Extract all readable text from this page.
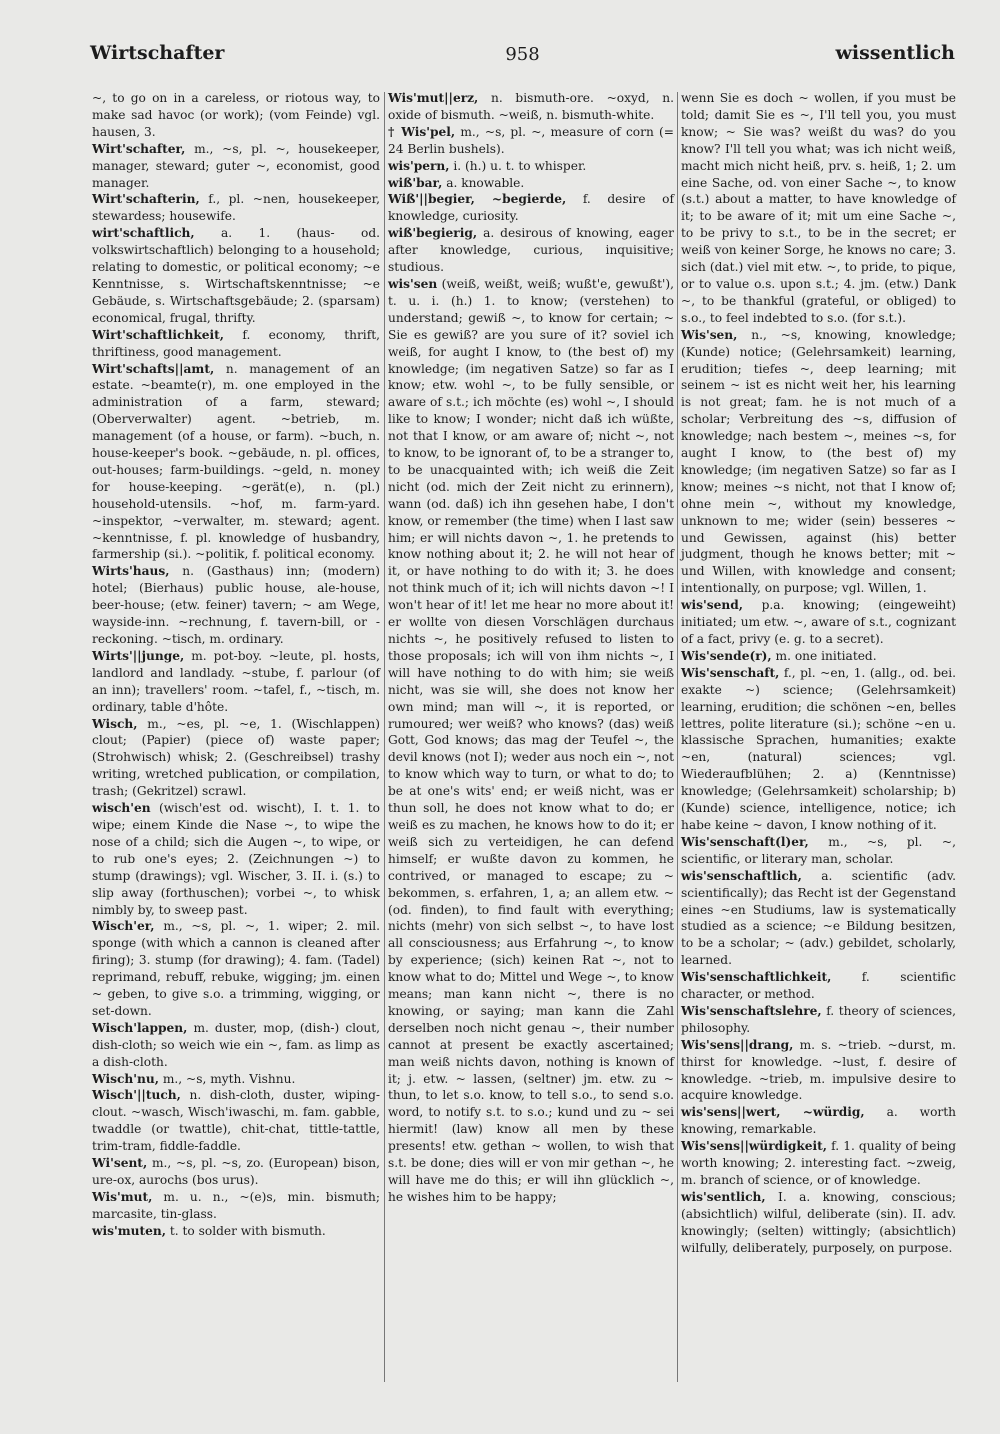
Wirtschafter	958	wissentlich

~, to go on in a careless, or riotous way, to make sad havoc (or work); (vom Feinde) vgl. hausen, 3.

Wirt'schafter, m., ~s, pl. ~, housekeeper, manager, steward; guter ~, economist, good manager.

Wirt'schafterin, f., pl. ~nen, housekeeper, stewardess; housewife.

wirt'schaftlich, a. 1. (haus- od. volkswirtschaftlich) belonging to a household; relating to domestic, or political economy; ~e Kenntnisse, s. Wirtschaftskenntnisse; ~e Gebäude, s. Wirtschaftsgebäude; 2. (sparsam) economical, frugal, thrifty.

Wirt'schaftlichkeit, f. economy, thrift, thriftiness, good management.

Wirt'schafts||amt, n. management of an estate. ~beamte(r), m. one employed in the administration of a farm, steward; (Oberverwalter) agent. ~betrieb, m. management (of a house, or farm). ~buch, n. house-keeper's book. ~gebäude, n. pl. offices, out-houses; farm-buildings. ~geld, n. money for house-keeping. ~gerät(e), n. (pl.) household-utensils. ~hof, m. farm-yard. ~inspektor, ~verwalter, m. steward; agent. ~kenntnisse, f. pl. knowledge of husbandry, farmership (si.). ~politik, f. political economy.

Wirts'haus, n. (Gasthaus) inn; (modern) hotel; (Bierhaus) public house, ale-house, beer-house; (etw. feiner) tavern; ~ am Wege, wayside-inn. ~rechnung, f. tavern-bill, or -reckoning. ~tisch, m. ordinary.

Wirts'||junge, m. pot-boy. ~leute, pl. hosts, landlord and landlady. ~stube, f. parlour (of an inn); travellers' room. ~tafel, f., ~tisch, m. ordinary, table d'hôte.

Wisch, m., ~es, pl. ~e, 1. (Wischlappen) clout; (Papier) (piece of) waste paper; (Strohwisch) whisk; 2. (Geschreibsel) trashy writing, wretched publication, or compilation, trash; (Gekritzel) scrawl.

wisch'en (wisch'est od. wischt), I. t. 1. to wipe; einem Kinde die Nase ~, to wipe the nose of a child; sich die Augen ~, to wipe, or to rub one's eyes; 2. (Zeichnungen ~) to stump (drawings); vgl. Wischer, 3. II. i. (s.) to slip away (forthuschen); vorbei ~, to whisk nimbly by, to sweep past.

Wisch'er, m., ~s, pl. ~, 1. wiper; 2. mil. sponge (with which a cannon is cleaned after firing); 3. stump (for drawing); 4. fam. (Tadel) reprimand, rebuff, rebuke, wigging; jm. einen ~ geben, to give s.o. a trimming, wigging, or set-down.

Wisch'lappen, m. duster, mop, (dish-) clout, dish-cloth; so weich wie ein ~, fam. as limp as a dish-cloth.

Wisch'nu, m., ~s, myth. Vishnu.

Wisch'||tuch, n. dish-cloth, duster, wiping-clout. ~wasch, Wisch'iwaschi, m. fam. gabble, twaddle (or twattle), chit-chat, tittle-tattle, trim-tram, fiddle-faddle.

Wi'sent, m., ~s, pl. ~s, zo. (European) bison, ure-ox, aurochs (bos urus).

Wis'mut, m. u. n., ~(e)s, min. bismuth; marcasite, tin-glass.

wis'muten, t. to solder with bismuth.

Wis'mut||erz, n. bismuth-ore. ~oxyd, n. oxide of bismuth. ~weiß, n. bismuth-white.

† Wis'pel, m., ~s, pl. ~, measure of corn (= 24 Berlin bushels).

wis'pern, i. (h.) u. t. to whisper.

wiß'bar, a. knowable.

Wiß'||begier, ~begierde, f. desire of knowledge, curiosity.

wiß'begierig, a. desirous of knowing, eager after knowledge, curious, inquisitive; studious.

wis'sen (weiß, weißt, weiß; wußt'e, gewußt'), t. u. i. (h.) 1. to know; (verstehen) to understand; gewiß ~, to know for certain; ~ Sie es gewiß? are you sure of it? soviel ich weiß, for aught I know, to (the best of) my knowledge; (im negativen Satze) so far as I know; etw. wohl ~, to be fully sensible, or aware of s.t.; ich möchte (es) wohl ~, I should like to know; I wonder; nicht daß ich wüßte, not that I know, or am aware of; nicht ~, not to know, to be ignorant of, to be a stranger to, to be unacquainted with; ich weiß die Zeit nicht (od. mich der Zeit nicht zu erinnern), wann (od. daß) ich ihn gesehen habe, I don't know, or remember (the time) when I last saw him; er will nichts davon ~, 1. he pretends to know nothing about it; 2. he will not hear of it, or have nothing to do with it; 3. he does not think much of it; ich will nichts davon ~! I won't hear of it! let me hear no more about it! er wollte von diesen Vorschlägen durchaus nichts ~, he positively refused to listen to those proposals; ich will von ihm nichts ~, I will have nothing to do with him; sie weiß nicht, was sie will, she does not know her own mind; man will ~, it is reported, or rumoured; wer weiß? who knows? (das) weiß Gott, God knows; das mag der Teufel ~, the devil knows (not I); weder aus noch ein ~, not to know which way to turn, or what to do; to be at one's wits' end; er weiß nicht, was er thun soll, he does not know what to do; er weiß es zu machen, he knows how to do it; er weiß sich zu verteidigen, he can defend himself; er wußte davon zu kommen, he contrived, or managed to escape; zu ~ bekommen, s. erfahren, 1, a; an allem etw. ~ (od. finden), to find fault with everything; nichts (mehr) von sich selbst ~, to have lost all consciousness; aus Erfahrung ~, to know by experience; (sich) keinen Rat ~, not to know what to do; Mittel und Wege ~, to know means; man kann nicht ~, there is no knowing, or saying; man kann die Zahl derselben noch nicht genau ~, their number cannot at present be exactly ascertained; man weiß nichts davon, nothing is known of it; j. etw. ~ lassen, (seltner) jm. etw. zu ~ thun, to let s.o. know, to tell s.o., to send s.o. word, to notify s.t. to s.o.; kund und zu ~ sei hiermit! (law) know all men by these presents! etw. gethan ~ wollen, to wish that s.t. be done; dies will er von mir gethan ~, he will have me do this; er will ihn glücklich ~, he wishes him to be happy;

wenn Sie es doch ~ wollen, if you must be told; damit Sie es ~, I'll tell you, you must know; ~ Sie was? weißt du was? do you know? I'll tell you what; was ich nicht weiß, macht mich nicht heiß, prv. s. heiß, 1; 2. um eine Sache, od. von einer Sache ~, to know (s.t.) about a matter, to have knowledge of it; to be aware of it; mit um eine Sache ~, to be privy to s.t., to be in the secret; er weiß von keiner Sorge, he knows no care; 3. sich (dat.) viel mit etw. ~, to pride, to pique, or to value o.s. upon s.t.; 4. jm. (etw.) Dank ~, to be thankful (grateful, or obliged) to s.o., to feel indebted to s.o. (for s.t.).

Wis'sen, n., ~s, knowing, knowledge; (Kunde) notice; (Gelehrsamkeit) learning, erudition; tiefes ~, deep learning; mit seinem ~ ist es nicht weit her, his learning is not great; fam. he is not much of a scholar; Verbreitung des ~s, diffusion of knowledge; nach bestem ~, meines ~s, for aught I know, to (the best of) my knowledge; (im negativen Satze) so far as I know; meines ~s nicht, not that I know of; ohne mein ~, without my knowledge, unknown to me; wider (sein) besseres ~ und Gewissen, against (his) better judgment, though he knows better; mit ~ und Willen, with knowledge and consent; intentionally, on purpose; vgl. Willen, 1.

wis'send, p.a. knowing; (eingeweiht) initiated; um etw. ~, aware of s.t., cognizant of a fact, privy (e. g. to a secret).

Wis'sende(r), m. one initiated.

Wis'senschaft, f., pl. ~en, 1. (allg., od. bei. exakte ~) science; (Gelehrsamkeit) learning, erudition; die schönen ~en, belles lettres, polite literature (si.); schöne ~en u. klassische Sprachen, humanities; exakte ~en, (natural) sciences; vgl. Wiederaufblühen; 2. a) (Kenntnisse) knowledge; (Gelehrsamkeit) scholarship; b) (Kunde) science, intelligence, notice; ich habe keine ~ davon, I know nothing of it.

Wis'senschaft(l)er, m., ~s, pl. ~, scientific, or literary man, scholar.

wis'senschaftlich, a. scientific (adv. scientifically); das Recht ist der Gegenstand eines ~en Studiums, law is systematically studied as a science; ~e Bildung besitzen, to be a scholar; ~ (adv.) gebildet, scholarly, learned.

Wis'senschaftlichkeit, f. scientific character, or method.

Wis'senschaftslehre, f. theory of sciences, philosophy.

Wis'sens||drang, m. s. ~trieb. ~durst, m. thirst for knowledge. ~lust, f. desire of knowledge. ~trieb, m. impulsive desire to acquire knowledge.

wis'sens||wert, ~würdig, a. worth knowing, remarkable.

Wis'sens||würdigkeit, f. 1. quality of being worth knowing; 2. interesting fact. ~zweig, m. branch of science, or of knowledge.

wis'sentlich, I. a. knowing, conscious; (absichtlich) wilful, deliberate (sin). II. adv. knowingly; (selten) wittingly; (absichtlich) wilfully, deliberately, purposely, on purpose.
